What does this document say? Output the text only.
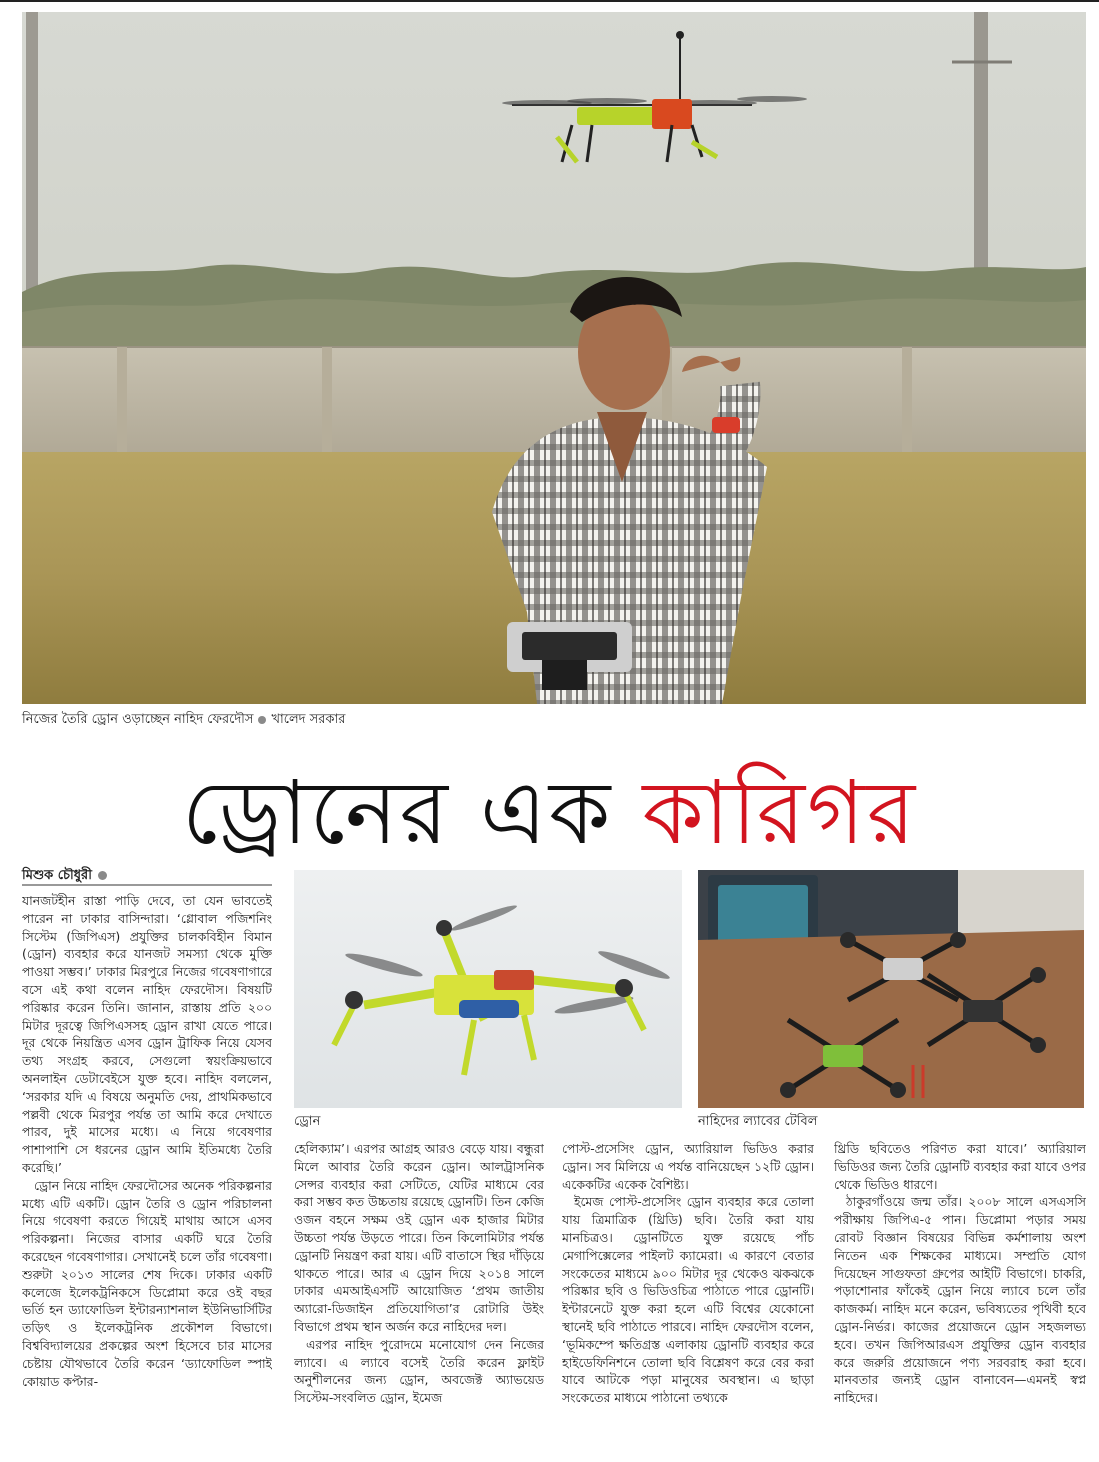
নিজের তৈরি ড্রোন ওড়াচ্ছেন নাহিদ ফেরদৌস খালেদ সরকার
ড্রোনের এক কারিগর
মিশুক চৌধুরী

যানজটহীন রাস্তা পাড়ি দেবে, তা যেন ভাবতেই পারেন না ঢাকার বাসিন্দারা। ‘গ্লোবাল পজিশনিং সিস্টেম (জিপিএস) প্রযুক্তির চালকবিহীন বিমান (ড্রোন) ব্যবহার করে যানজট সমস্যা থেকে মুক্তি পাওয়া সম্ভব।’ ঢাকার মিরপুরে নিজের গবেষণাগারে বসে এই কথা বলেন নাহিদ ফেরদৌস। বিষয়টি পরিষ্কার করেন তিনি। জানান, রাস্তায় প্রতি ২০০ মিটার দূরত্বে জিপিএসসহ ড্রোন রাখা যেতে পারে। দূর থেকে নিয়ন্ত্রিত এসব ড্রোন ট্রাফিক নিয়ে যেসব তথ্য সংগ্রহ করবে, সেগুলো স্বয়ংক্রিয়ভাবে অনলাইন ডেটাবেইসে যুক্ত হবে। নাহিদ বললেন, ‘সরকার যদি এ বিষয়ে অনুমতি দেয়, প্রাথমিকভাবে পল্লবী থেকে মিরপুর পর্যন্ত তা আমি করে দেখাতে পারব, দুই মাসের মধ্যে। এ নিয়ে গবেষণার পাশাপাশি সে ধরনের ড্রোন আমি ইতিমধ্যে তৈরি করেছি।’

ড্রোন নিয়ে নাহিদ ফেরদৌসের অনেক পরিকল্পনার মধ্যে এটি একটি। ড্রোন তৈরি ও ড্রোন পরিচালনা নিয়ে গবেষণা করতে গিয়েই মাথায় আসে এসব পরিকল্পনা। নিজের বাসার একটি ঘরে তৈরি করেছেন গবেষণাগার। সেখানেই চলে তাঁর গবেষণা। শুরুটা ২০১৩ সালের শেষ দিকে। ঢাকার একটি কলেজে ইলেকট্রনিকসে ডিপ্লোমা করে ওই বছর ভর্তি হন ড্যাফোডিল ইন্টারন্যাশনাল ইউনিভার্সিটির তড়িৎ ও ইলেকট্রনিক প্রকৌশল বিভাগে। বিশ্ববিদ্যালয়ের প্রকল্পের অংশ হিসেবে চার মাসের চেষ্টায় যৌথভাবে তৈরি করেন ‘ড্যাফোডিল স্পাই কোয়াড কপ্টার-

ড্রোন	নাহিদের ল্যাবের টেবিল

হেলিক্যাম’। এরপর আগ্রহ আরও বেড়ে যায়। বন্ধুরা মিলে আবার তৈরি করেন ড্রোন। আলট্রাসনিক সেন্সর ব্যবহার করা সেটিতে, যেটির মাধ্যমে বের করা সম্ভব কত উচ্চতায় রয়েছে ড্রোনটি। তিন কেজি ওজন বহনে সক্ষম ওই ড্রোন এক হাজার মিটার উচ্চতা পর্যন্ত উড়তে পারে। তিন কিলোমিটার পর্যন্ত ড্রোনটি নিয়ন্ত্রণ করা যায়। এটি বাতাসে স্থির দাঁড়িয়ে থাকতে পারে। আর এ ড্রোন দিয়ে ২০১৪ সালে ঢাকার এমআইএসটি আয়োজিত ‘প্রথম জাতীয় অ্যারো-ডিজাইন প্রতিযোগিতা’র রোটারি উইং বিভাগে প্রথম স্থান অর্জন করে নাহিদের দল।

এরপর নাহিদ পুরোদমে মনোযোগ দেন নিজের ল্যাবে। এ ল্যাবে বসেই তৈরি করেন ফ্লাইট অনুশীলনের জন্য ড্রোন, অবজেক্ট অ্যাভয়েড সিস্টেম-সংবলিত ড্রোন, ইমেজ

পোস্ট-প্রসেসিং ড্রোন, অ্যারিয়াল ভিডিও করার ড্রোন। সব মিলিয়ে এ পর্যন্ত বানিয়েছেন ১২টি ড্রোন। একেকটির একেক বৈশিষ্ট্য।

ইমেজ পোস্ট-প্রসেসিং ড্রোন ব্যবহার করে তোলা যায় ত্রিমাত্রিক (থ্রিডি) ছবি। তৈরি করা যায় মানচিত্রও। ড্রোনটিতে যুক্ত রয়েছে পাঁচ মেগাপিক্সেলের পাইলট ক্যামেরা। এ কারণে বেতার সংকেতের মাধ্যমে ৯০০ মিটার দূর থেকেও ঝকঝকে পরিষ্কার ছবি ও ভিডিওচিত্র পাঠাতে পারে ড্রোনটি। ইন্টারনেটে যুক্ত করা হলে এটি বিশ্বের যেকোনো স্থানেই ছবি পাঠাতে পারবে। নাহিদ ফেরদৌস বলেন, ‘ভূমিকম্পে ক্ষতিগ্রস্ত এলাকায় ড্রোনটি ব্যবহার করে হাইডেফিনিশনে তোলা ছবি বিশ্লেষণ করে বের করা যাবে আটকে পড়া মানুষের অবস্থান। এ ছাড়া সংকেতের মাধ্যমে পাঠানো তথ্যকে

থ্রিডি ছবিতেও পরিণত করা যাবে।’ অ্যারিয়াল ভিডিওর জন্য তৈরি ড্রোনটি ব্যবহার করা যাবে ওপর থেকে ভিডিও ধারণে।

ঠাকুরগাঁওয়ে জন্ম তাঁর। ২০০৮ সালে এসএসসি পরীক্ষায় জিপিএ-৫ পান। ডিপ্লোমা পড়ার সময় রোবট বিজ্ঞান বিষয়ের বিভিন্ন কর্মশালায় অংশ নিতেন এক শিক্ষকের মাধ্যমে। সম্প্রতি যোগ দিয়েছেন সাগুফতা গ্রুপের আইটি বিভাগে। চাকরি, পড়াশোনার ফাঁকেই ড্রোন নিয়ে ল্যাবে চলে তাঁর কাজকর্ম। নাহিদ মনে করেন, ভবিষ্যতের পৃথিবী হবে ড্রোন-নির্ভর। কাজের প্রয়োজনে ড্রোন সহজলভ্য হবে। তখন জিপিআরএস প্রযুক্তির ড্রোন ব্যবহার করে জরুরি প্রয়োজনে পণ্য সরবরাহ করা হবে। মানবতার জন্যই ড্রোন বানাবেন—এমনই স্বপ্ন নাহিদের।
